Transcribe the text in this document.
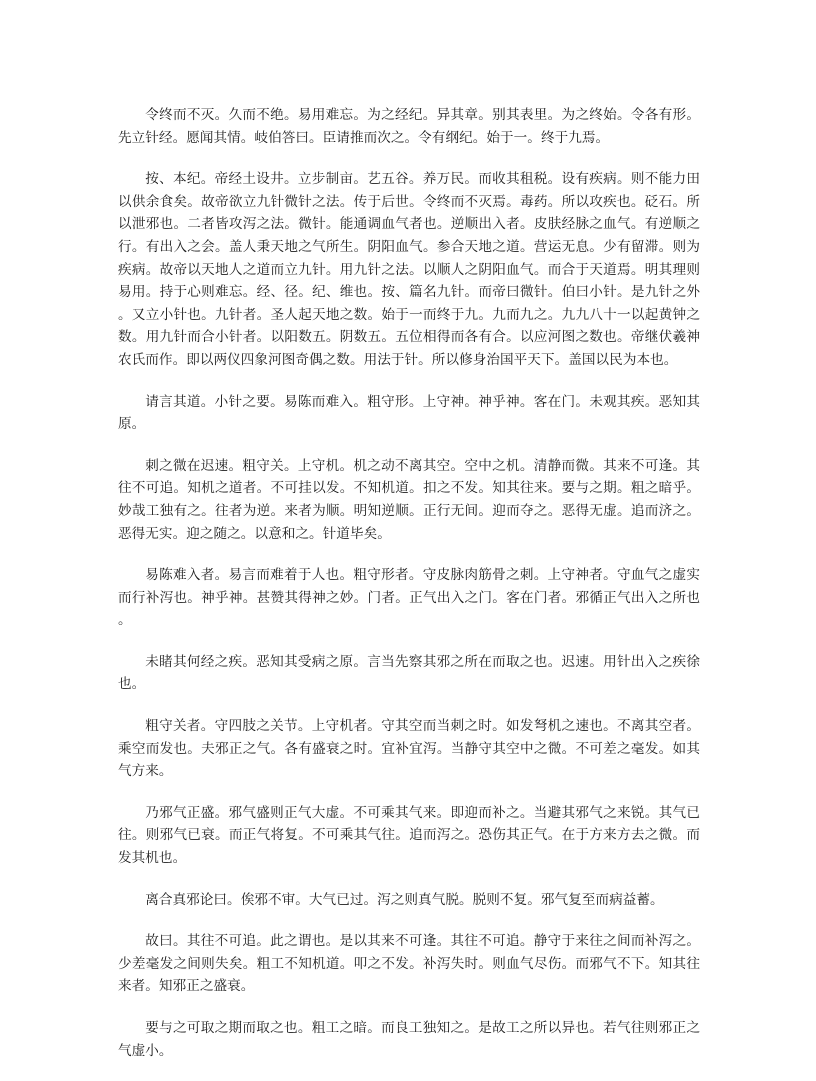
令终而不灭。久而不绝。易用难忘。为之经纪。异其章。别其表里。为之终始。令各有形。先立针经。愿闻其情。岐伯答曰。臣请推而次之。令有纲纪。始于一。终于九焉。

按、本纪。帝经土设井。立步制亩。艺五谷。养万民。而收其租税。设有疾病。则不能力田以供余食矣。故帝欲立九针微针之法。传于后世。令终而不灭焉。毒药。所以攻疾也。砭石。所以泄邪也。二者皆攻泻之法。微针。能通调血气者也。逆顺出入者。皮肤经脉之血气。有逆顺之行。有出入之会。盖人秉天地之气所生。阴阳血气。参合天地之道。营运无息。少有留滞。则为疾病。故帝以天地人之道而立九针。用九针之法。以顺人之阴阳血气。而合于天道焉。明其理则易用。持于心则难忘。经、径。纪、维也。按、篇名九针。而帝曰微针。伯曰小针。是九针之外。又立小针也。九针者。圣人起天地之数。始于一而终于九。九而九之。九九八十一以起黄钟之数。用九针而合小针者。以阳数五。阴数五。五位相得而各有合。以应河图之数也。帝继伏羲神农氏而作。即以两仪四象河图奇偶之数。用法于针。所以修身治国平天下。盖国以民为本也。

请言其道。小针之要。易陈而难入。粗守形。上守神。神乎神。客在门。未观其疾。恶知其原。

刺之微在迟速。粗守关。上守机。机之动不离其空。空中之机。清静而微。其来不可逢。其往不可追。知机之道者。不可挂以发。不知机道。扣之不发。知其往来。要与之期。粗之暗乎。妙哉工独有之。往者为逆。来者为顺。明知逆顺。正行无间。迎而夺之。恶得无虚。追而济之。恶得无实。迎之随之。以意和之。针道毕矣。

易陈难入者。易言而难着于人也。粗守形者。守皮脉肉筋骨之刺。上守神者。守血气之虚实而行补泻也。神乎神。甚赞其得神之妙。门者。正气出入之门。客在门者。邪循正气出入之所也。

未睹其何经之疾。恶知其受病之原。言当先察其邪之所在而取之也。迟速。用针出入之疾徐也。

粗守关者。守四肢之关节。上守机者。守其空而当刺之时。如发弩机之速也。不离其空者。乘空而发也。夫邪正之气。各有盛衰之时。宜补宜泻。当静守其空中之微。不可差之毫发。如其气方来。

乃邪气正盛。邪气盛则正气大虚。不可乘其气来。即迎而补之。当避其邪气之来锐。其气已往。则邪气已衰。而正气将复。不可乘其气往。追而泻之。恐伤其正气。在于方来方去之微。而发其机也。

离合真邪论曰。俟邪不审。大气已过。泻之则真气脱。脱则不复。邪气复至而病益蓄。

故曰。其往不可追。此之谓也。是以其来不可逢。其往不可追。静守于来往之间而补泻之。少差毫发之间则失矣。粗工不知机道。叩之不发。补泻失时。则血气尽伤。而邪气不下。知其往来者。知邪正之盛衰。

要与之可取之期而取之也。粗工之暗。而良工独知之。是故工之所以异也。若气往则邪正之气虚小。
